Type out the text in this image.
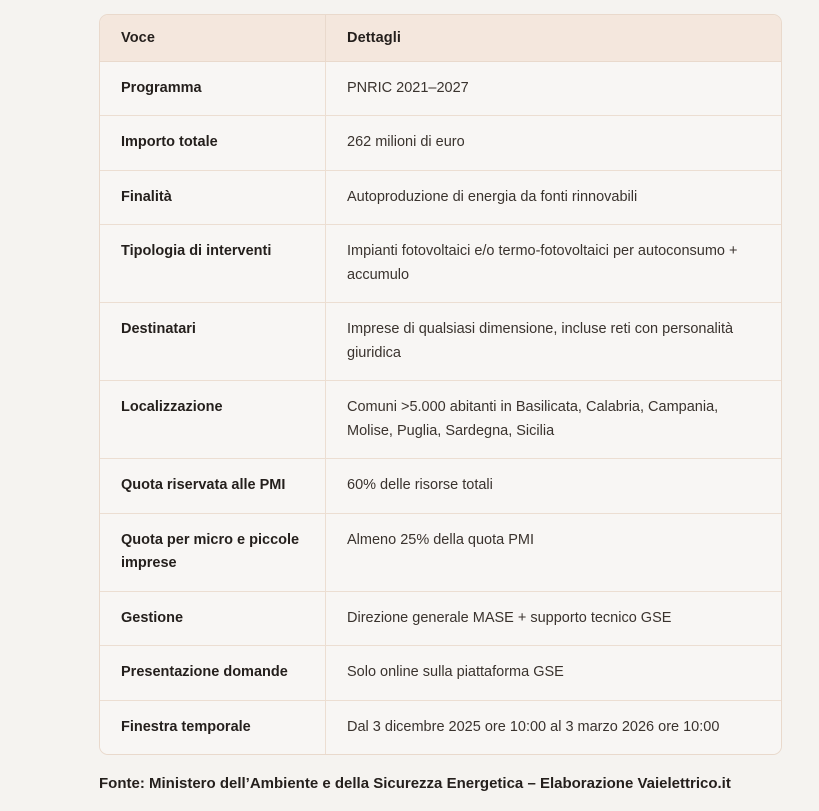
Voce	Dettagli
Programma	PNRIC 2021–2027
Importo totale	262 milioni di euro
Finalità	Autoproduzione di energia da fonti rinnovabili
Tipologia di interventi	Impianti fotovoltaici e/o termo-fotovoltaici per autoconsumo + accumulo
Destinatari	Imprese di qualsiasi dimensione, incluse reti con personalità giuridica
Localizzazione	Comuni >5.000 abitanti in Basilicata, Calabria, Campania, Molise, Puglia, Sardegna, Sicilia
Quota riservata alle PMI	60% delle risorse totali
Quota per micro e piccole imprese	Almeno 25% della quota PMI
Gestione	Direzione generale MASE + supporto tecnico GSE
Presentazione domande	Solo online sulla piattaforma GSE
Finestra temporale	Dal 3 dicembre 2025 ore 10:00 al 3 marzo 2026 ore 10:00

Fonte: Ministero dell’Ambiente e della Sicurezza Energetica – Elaborazione Vaielettrico.it
